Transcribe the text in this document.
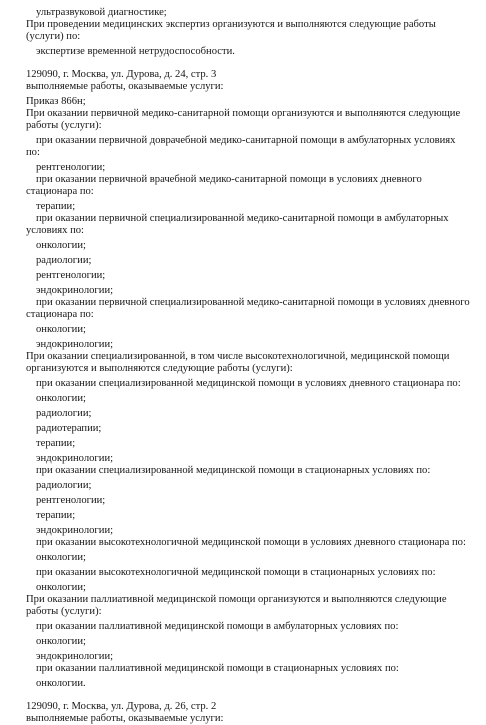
ультразвуковой диагностике;
При проведении медицинских экспертиз организуются и выполняются следующие работы
(услуги) по:
экспертизе временной нетрудоспособности.
129090, г. Москва, ул. Дурова, д. 24, стр. 3
выполняемые работы, оказываемые услуги:
Приказ 866н;
При оказании первичной медико-санитарной помощи организуются и выполняются следующие
работы (услуги):
при оказании первичной доврачебной медико-санитарной помощи в амбулаторных условиях
по:
рентгенологии;
при оказании первичной врачебной медико-санитарной помощи в условиях дневного
стационара по:
терапии;
при оказании первичной специализированной медико-санитарной помощи в амбулаторных
условиях по:
онкологии;
радиологии;
рентгенологии;
эндокринологии;
при оказании первичной специализированной медико-санитарной помощи в условиях дневного
стационара по:
онкологии;
эндокринологии;
При оказании специализированной, в том числе высокотехнологичной, медицинской помощи
организуются и выполняются следующие работы (услуги):
при оказании специализированной медицинской помощи в условиях дневного стационара по:
онкологии;
радиологии;
радиотерапии;
терапии;
эндокринологии;
при оказании специализированной медицинской помощи в стационарных условиях по:
радиологии;
рентгенологии;
терапии;
эндокринологии;
при оказании высокотехнологичной медицинской помощи в условиях дневного стационара по:
онкологии;
при оказании высокотехнологичной медицинской помощи в стационарных условиях по:
онкологии;
При оказании паллиативной медицинской помощи организуются и выполняются следующие
работы (услуги):
при оказании паллиативной медицинской помощи в амбулаторных условиях по:
онкологии;
эндокринологии;
при оказании паллиативной медицинской помощи в стационарных условиях по:
онкологии.
129090, г. Москва, ул. Дурова, д. 26, стр. 2
выполняемые работы, оказываемые услуги:
